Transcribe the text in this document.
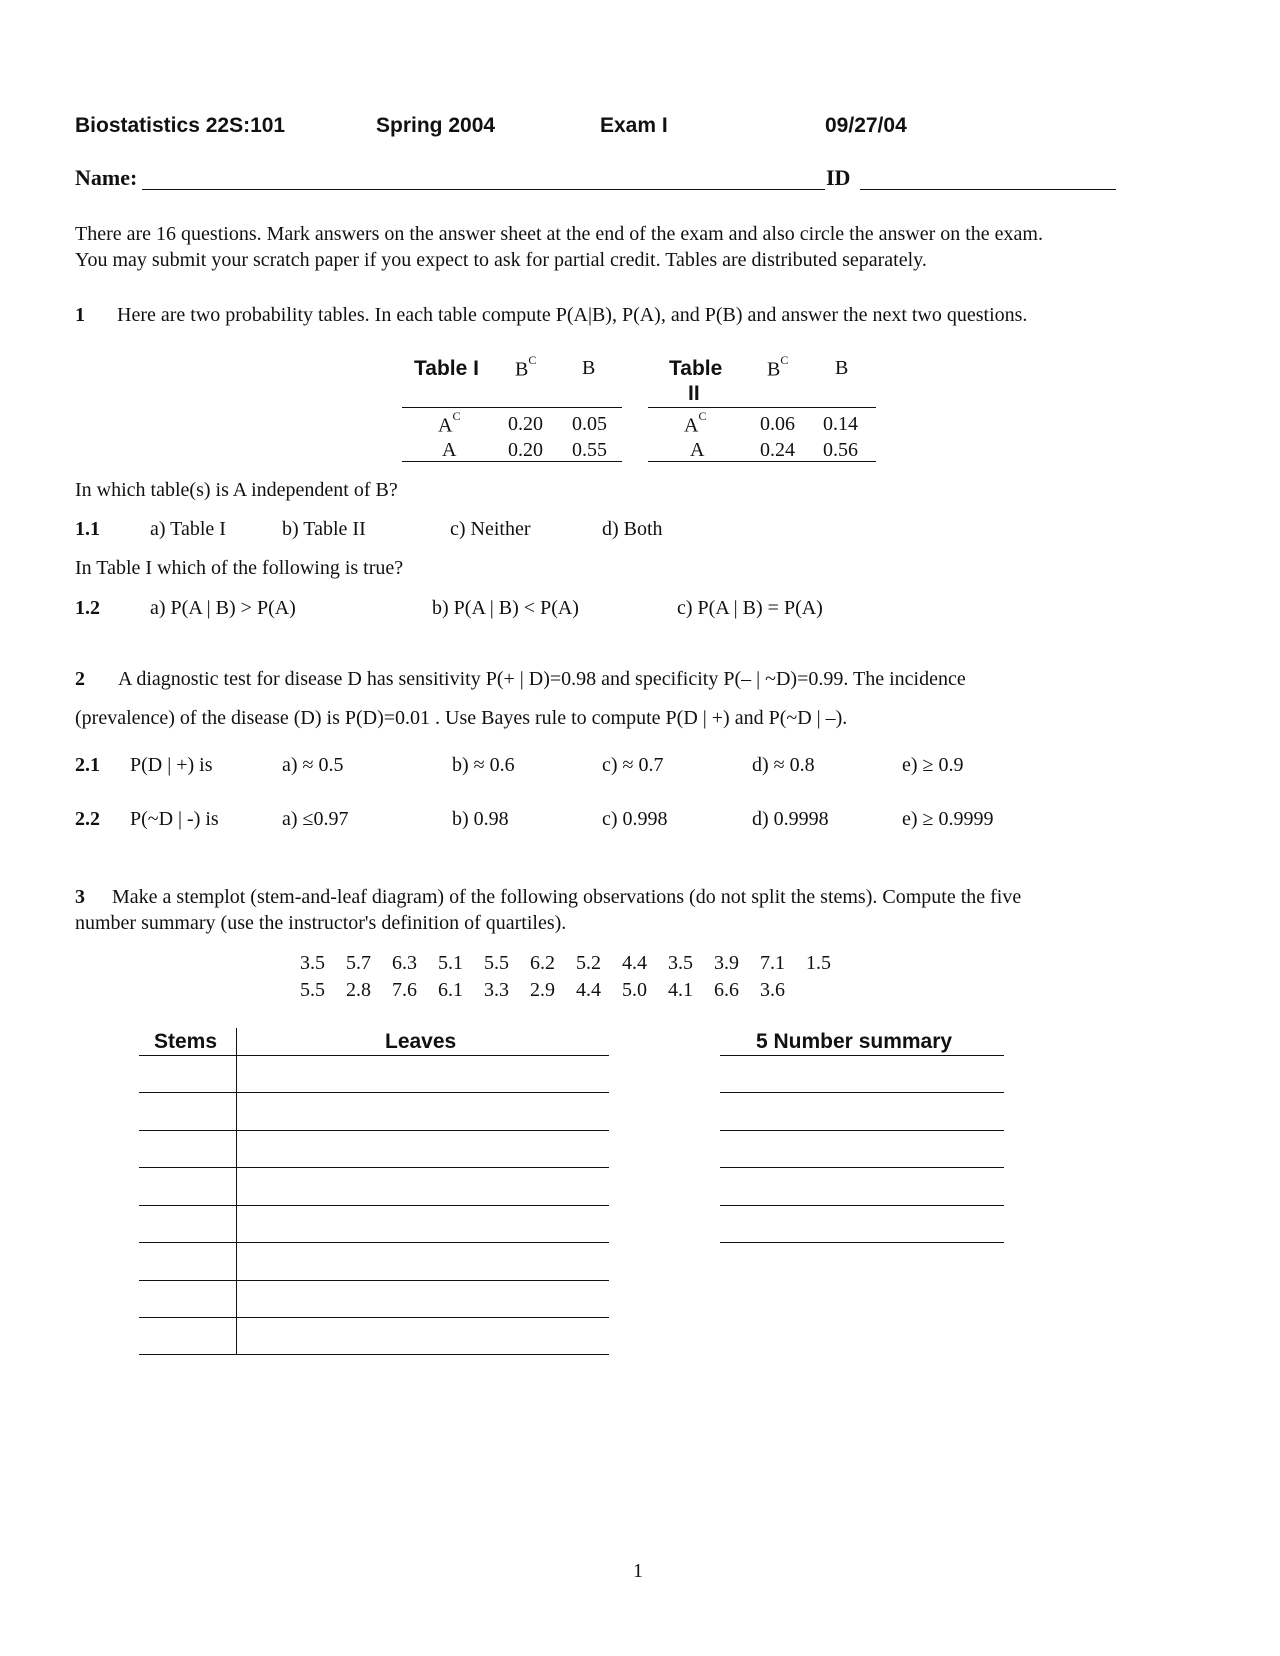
Biostatistics 22S:101	Spring 2004	Exam I	09/27/04
Name:	ID
There are 16 questions. Mark answers on the answer sheet at the end of the exam and also circle the answer on the exam.
You may submit your scratch paper if you expect to ask for partial credit. Tables are distributed separately.
1 Here are two probability tables. In each table compute P(A|B), P(A), and P(B) and answer the next two questions.
Table I $B^C$ B
$A^C$ 0.20 0.05
A	0.20 0.55
Table
II
$B^C$ B
$A^C$	0.06 0.14
A	0.24 0.56
In which table(s) is A independent of B?
1.1	a) Table I	b) Table II	c) Neither	d) Both
In Table I which of the following is true?
1.2	a) P(A | B) > P(A)	b) P(A | B) < P(A)	c) P(A | B) = P(A)
2 A diagnostic test for disease D has sensitivity P(+ | D)=0.98 and specificity P(– | ~D)=0.99. The incidence
(prevalence) of the disease (D) is P(D)=0.01 . Use Bayes rule to compute P(D | +) and P(~D | –).
2.1 P(D | +) is	a) ≈ 0.5	b) ≈ 0.6	c) ≈ 0.7	d) ≈ 0.8	e) ≥ 0.9
2.2 P(~D | -) is	a) ≤0.97	b) 0.98	c) 0.998	d) 0.9998	e) ≥ 0.9999
3 Make a stemplot (stem-and-leaf diagram) of the following observations (do not split the stems). Compute the five
number summary (use the instructor's definition of quartiles).
3.5 5.7 6.3 5.1 5.5 6.2 5.2 4.4 3.5 3.9 7.1 1.5
5.5 2.8 7.6 6.1 3.3 2.9 4.4 5.0 4.1 6.6 3.6
Stems	Leaves	5 Number summary
1
